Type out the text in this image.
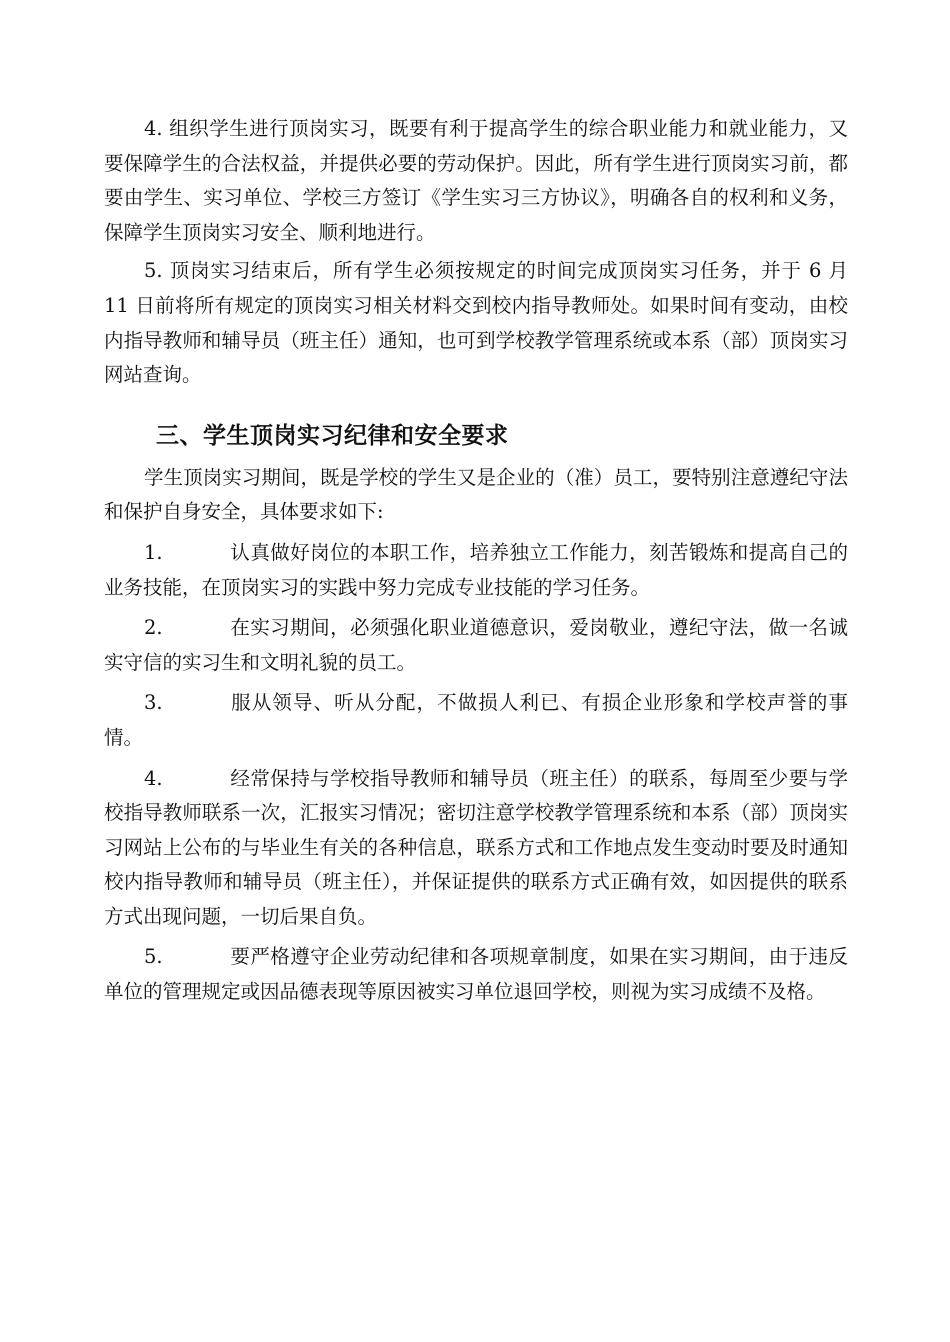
4. 组织学生进行顶岗实习，既要有利于提高学生的综合职业能力和就业能力，又要保障学生的合法权益，并提供必要的劳动保护。因此，所有学生进行顶岗实习前，都要由学生、实习单位、学校三方签订《学生实习三方协议》，明确各自的权利和义务，保障学生顶岗实习安全、顺利地进行。

5. 顶岗实习结束后，所有学生必须按规定的时间完成顶岗实习任务，并于 6 月 11 日前将所有规定的顶岗实习相关材料交到校内指导教师处。如果时间有变动，由校内指导教师和辅导员（班主任）通知，也可到学校教学管理系统或本系（部）顶岗实习网站查询。

三、学生顶岗实习纪律和安全要求

学生顶岗实习期间，既是学校的学生又是企业的（准）员工，要特别注意遵纪守法和保护自身安全，具体要求如下:

1.	认真做好岗位的本职工作，培养独立工作能力，刻苦锻炼和提高自己的业务技能，在顶岗实习的实践中努力完成专业技能的学习任务。

2.	在实习期间，必须强化职业道德意识，爱岗敬业，遵纪守法，做一名诚实守信的实习生和文明礼貌的员工。

3.	服从领导、听从分配，不做损人利已、有损企业形象和学校声誉的事情。

4.	经常保持与学校指导教师和辅导员（班主任）的联系，每周至少要与学校指导教师联系一次，汇报实习情况；密切注意学校教学管理系统和本系（部）顶岗实习网站上公布的与毕业生有关的各种信息，联系方式和工作地点发生变动时要及时通知校内指导教师和辅导员（班主任），并保证提供的联系方式正确有效，如因提供的联系方式出现问题，一切后果自负。

5.	要严格遵守企业劳动纪律和各项规章制度，如果在实习期间，由于违反单位的管理规定或因品德表现等原因被实习单位退回学校，则视为实习成绩不及格。
